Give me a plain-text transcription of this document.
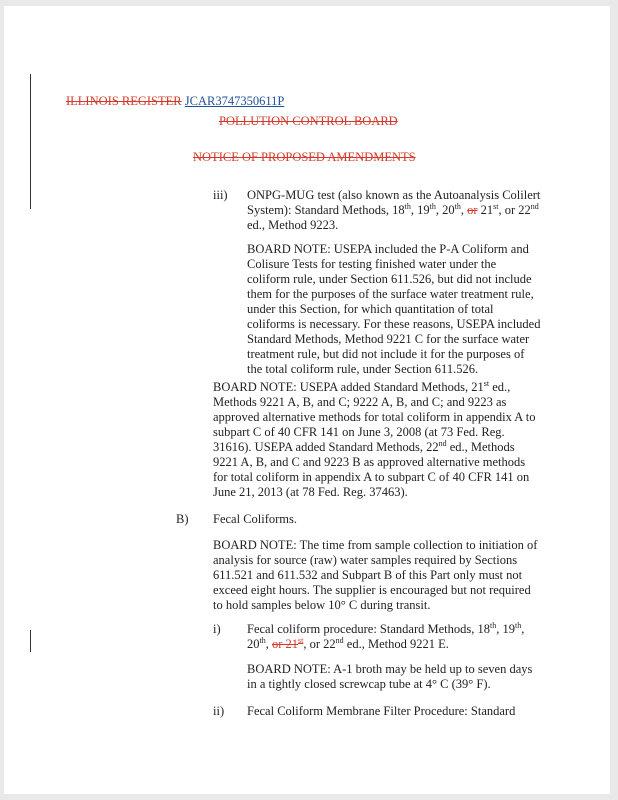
ILLINOIS REGISTER JCAR3747350611P
POLLUTION CONTROL BOARD
NOTICE OF PROPOSED AMENDMENTS
iii) ONPG-MUG test (also known as the Autoanalysis Colilert System): Standard Methods, 18th, 19th, 20th, or 21st, or 22nd ed., Method 9223.
BOARD NOTE: USEPA included the P-A Coliform and Colisure Tests for testing finished water under the coliform rule, under Section 611.526, but did not include them for the purposes of the surface water treatment rule, under this Section, for which quantitation of total coliforms is necessary. For these reasons, USEPA included Standard Methods, Method 9221 C for the surface water treatment rule, but did not include it for the purposes of the total coliform rule, under Section 611.526.
BOARD NOTE: USEPA added Standard Methods, 21st ed., Methods 9221 A, B, and C; 9222 A, B, and C; and 9223 as approved alternative methods for total coliform in appendix A to subpart C of 40 CFR 141 on June 3, 2008 (at 73 Fed. Reg. 31616). USEPA added Standard Methods, 22nd ed., Methods 9221 A, B, and C and 9223 B as approved alternative methods for total coliform in appendix A to subpart C of 40 CFR 141 on June 21, 2013 (at 78 Fed. Reg. 37463).
B) Fecal Coliforms.
BOARD NOTE: The time from sample collection to initiation of analysis for source (raw) water samples required by Sections 611.521 and 611.532 and Subpart B of this Part only must not exceed eight hours. The supplier is encouraged but not required to hold samples below 10° C during transit.
i) Fecal coliform procedure: Standard Methods, 18th, 19th, 20th, or 21st, or 22nd ed., Method 9221 E.
BOARD NOTE: A-1 broth may be held up to seven days in a tightly closed screwcap tube at 4° C (39° F).
ii) Fecal Coliform Membrane Filter Procedure: Standard
